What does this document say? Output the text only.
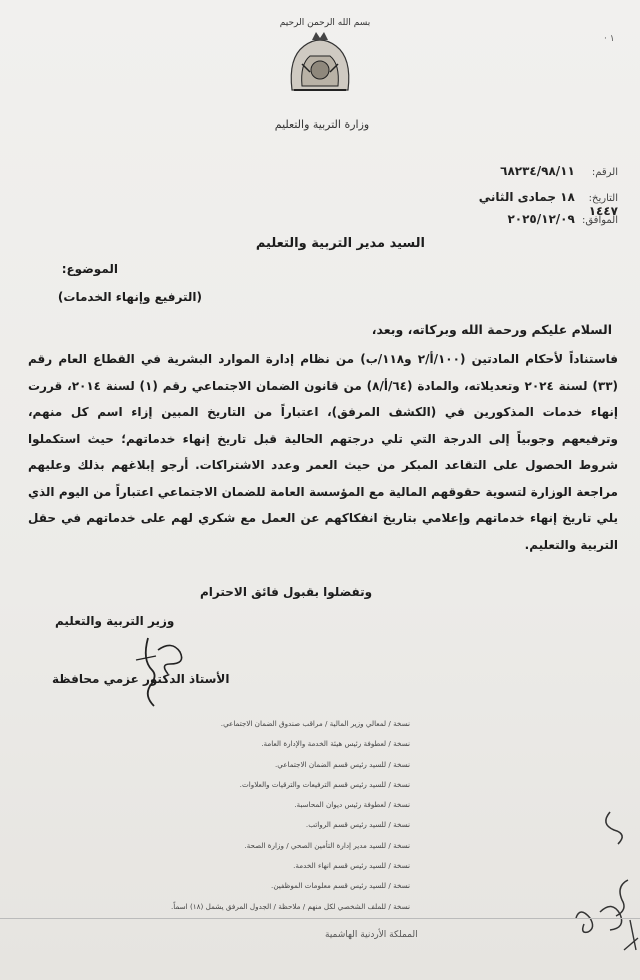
بسم الله الرحمن الرحيم
· ١
وزارة التربية والتعليم
الرقم: ٦٨٢٣٤/٩٨/١١
التاريخ: ١٨ جمادى الثاني ١٤٤٧
الموافق: ٢٠٢٥/١٢/٠٩
السيد مدير التربية والتعليم
الموضوع:
(الترفيع وإنهاء الخدمات)
السلام عليكم ورحمة الله وبركاته، وبعد،
فاستناداً لأحكام المادتين (١٠٠/أ/٢ و١١٨/ب) من نظام إدارة الموارد البشرية في القطاع العام رقم (٣٣) لسنة ٢٠٢٤ وتعديلاته، والمادة (٦٤/أ/٨) من قانون الضمان الاجتماعي رقم (١) لسنة ٢٠١٤، قررت إنهاء خدمات المذكورين في (الكشف المرفق)، اعتباراً من التاريخ المبين إزاء اسم كل منهم، وترفيعهم وجوبياً إلى الدرجة التي تلي درجتهم الحالية قبل تاريخ إنهاء خدماتهم؛ حيث استكملوا شروط الحصول على التقاعد المبكر من حيث العمر وعدد الاشتراكات. أرجو إبلاغهم بذلك وعليهم مراجعة الوزارة لتسوية حقوقهم المالية مع المؤسسة العامة للضمان الاجتماعي اعتباراً من اليوم الذي يلي تاريخ إنهاء خدماتهم وإعلامي بتاريخ انفكاكهم عن العمل مع شكري لهم على خدماتهم في حقل التربية والتعليم.
وتفضلوا بقبول فائق الاحترام
وزير التربية والتعليم
الأستاذ الدكتور عزمي محافظة
نسخة / لمعالي وزير المالية / مراقب صندوق الضمان الاجتماعي.
نسخة / لعطوفة رئيس هيئة الخدمة والإدارة العامة.
نسخة / للسيد رئيس قسم الضمان الاجتماعي.
نسخة / للسيد رئيس قسم الترفيعات والترقيات والعلاوات.
نسخة / لعطوفة رئيس ديوان المحاسبة.
نسخة / للسيد رئيس قسم الرواتب.
نسخة / للسيد مدير إدارة التأمين الصحي / وزارة الصحة.
نسخة / للسيد رئيس قسم انهاء الخدمة.
نسخة / للسيد رئيس قسم معلومات الموظفين.
نسخة / للملف الشخصي لكل منهم / ملاحظة / الجدول المرفق يشمل (١٨) اسماً.
المملكة الأردنية الهاشمية
